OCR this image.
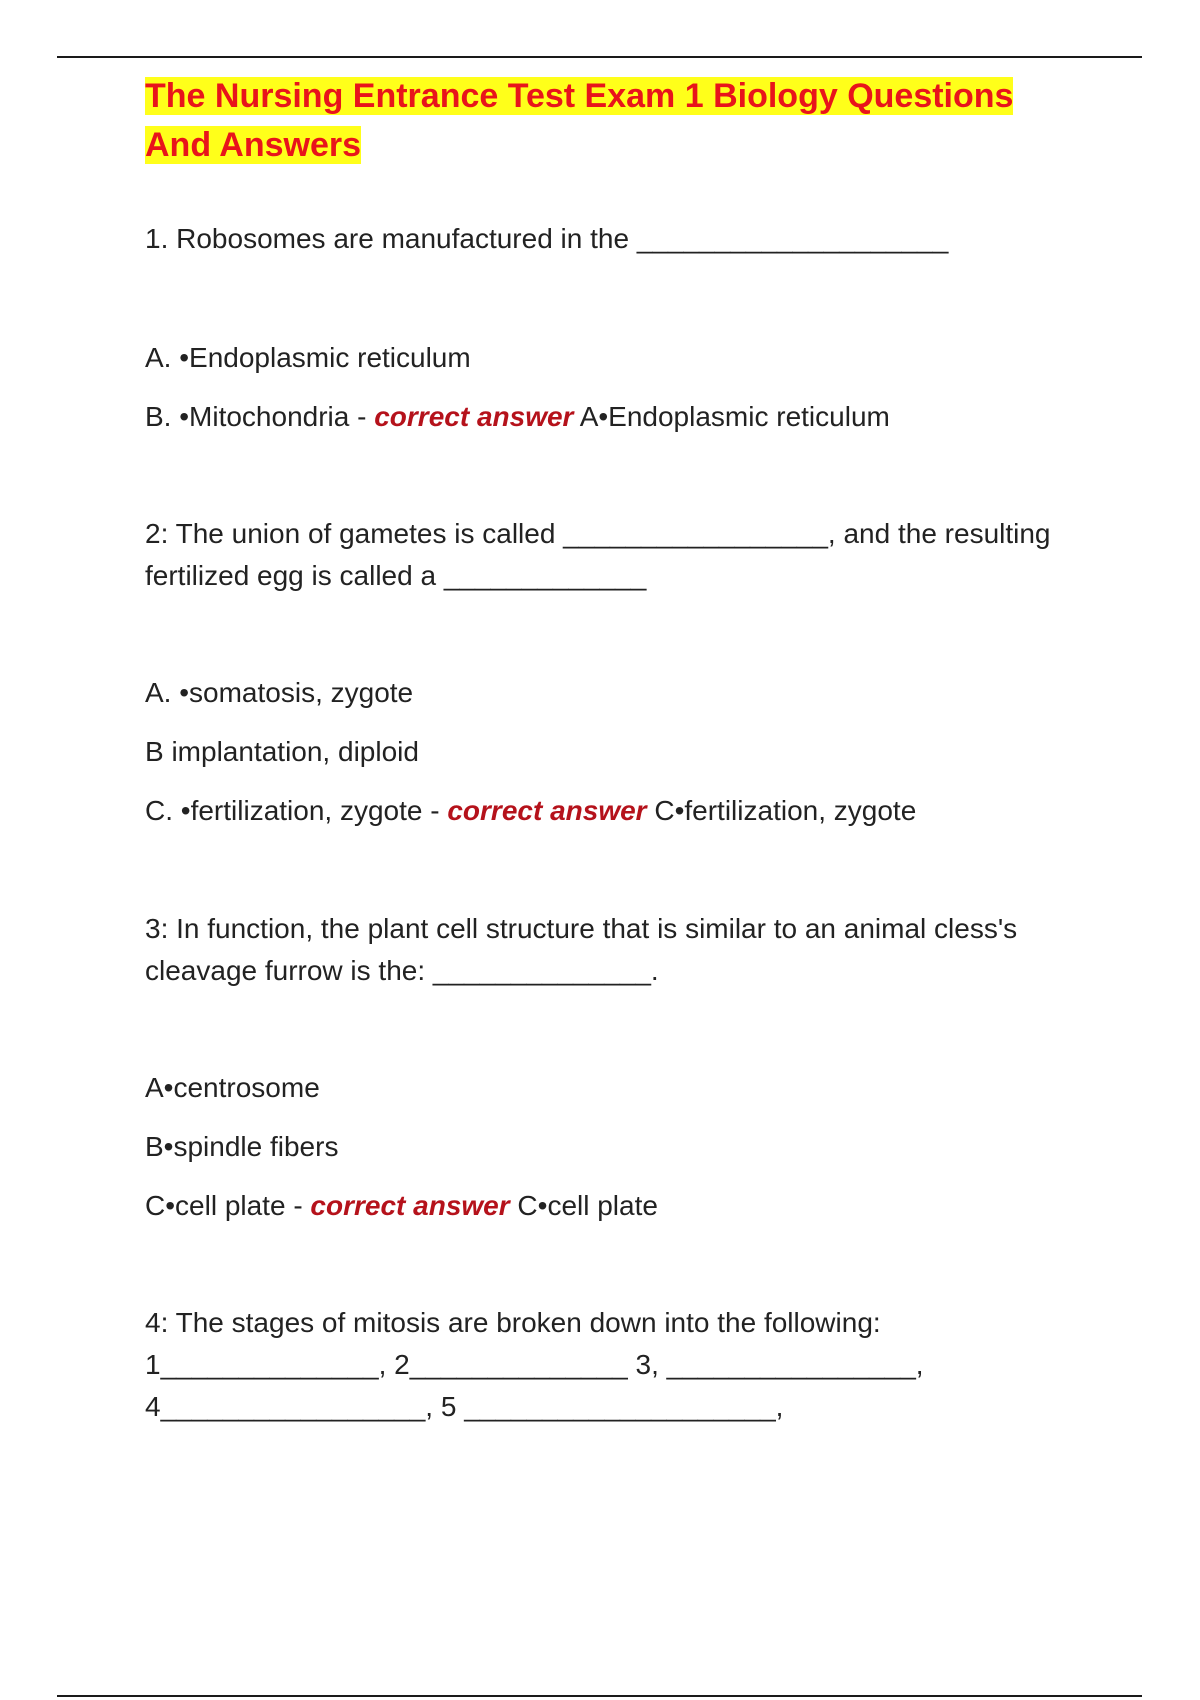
The Nursing Entrance Test Exam 1 Biology Questions And Answers

1. Robosomes are manufactured in the ____________________

A. •Endoplasmic reticulum

B. •Mitochondria - correct answer A•Endoplasmic reticulum

2: The union of gametes is called _________________, and the resulting fertilized egg is called a _____________

A. •somatosis, zygote

B implantation, diploid

C. •fertilization, zygote - correct answer C•fertilization, zygote

3: In function, the plant cell structure that is similar to an animal cless's cleavage furrow is the: ______________.

A•centrosome

B•spindle fibers

C•cell plate - correct answer C•cell plate

4: The stages of mitosis are broken down into the following:

1______________, 2______________ 3, ________________,

4_________________, 5 ____________________,
